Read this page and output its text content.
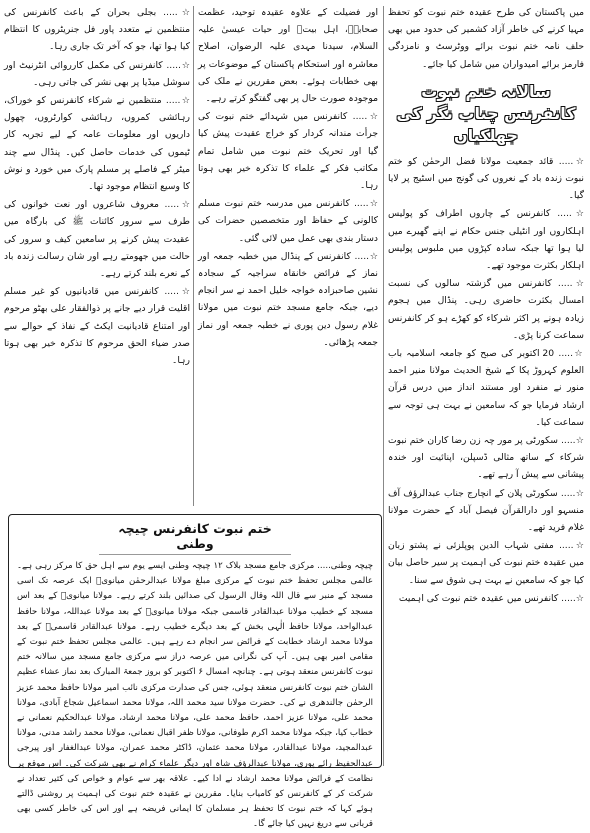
میں پاکستان کی طرح عقیدہ ختم نبوت کو تحفظ مہیا کرنے کی خاطر آزاد کشمیر کی حدود میں بھی حلف نامہ ختم نبوت برائے ووٹرسٹ و نامزدگی فارمز برائے امیدواران میں شامل کیا جائے۔

سالانہ ختم نبوت
کانفرنس چناب نگر کی
جھلکیاں

☆..... قائد جمعیت مولانا فضل الرحمٰن کو ختم نبوت زندہ باد کے نعروں کی گونج میں اسٹیج پر لایا گیا۔

☆..... کانفرنس کے چاروں اطراف کو پولیس اہلکاروں اور انٹیلی جنس حکام نے اپنے گھیرے میں لیا ہوا تھا جبکہ سادہ کپڑوں میں ملبوس پولیس اہلکار بکثرت موجود تھے۔

☆..... کانفرنس میں گزشتہ سالوں کی نسبت امسال بکثرت حاضری رہی۔ پنڈال میں ہجوم زیادہ ہونے پر اکثر شرکاء کو کھڑے ہو کر کانفرنس سماعت کرنا پڑی۔

☆..... 20 اکتوبر کی صبح کو جامعہ اسلامیہ باب العلوم کہروڑ پکا کے شیخ الحدیث مولانا منیر احمد منور نے منفرد اور مستند انداز میں درس قرآن ارشاد فرمایا جو کہ سامعین نے بہت ہی توجہ سے سماعت کیا۔

☆..... سکورٹی پر مور چہ زن رضا کاران ختم نبوت شرکاء کے ساتھ مثالی ڈسپلن، اپنائیت اور خندہ پیشانی سے پیش آ رہے تھے۔

☆..... سکورٹی پلان کے انچارج جناب عبدالرؤف آف منسہو اور دارالقرآن فیصل آباد کے حضرت مولانا غلام فرید تھے۔

☆..... مفتی شہاب الدین پوپلزئی نے پشتو زبان میں عقیدہ ختم نبوت کی اہمیت پر سیر حاصل بیان کیا جو کہ سامعین نے بہت ہی شوق سے سنا۔

☆..... کانفرنس میں عقیدہ ختم نبوت کی اہمیت

اور فضیلت کے علاوہ عقیدہ توحید، عظمت صحابہؓ، اہل بیتؓ اور حیات عیسیٰ علیہ السلام، سیدنا مہدی علیہ الرضوان، اصلاح معاشرہ اور استحکام پاکستان کے موضوعات پر بھی خطابات ہوئے۔ بعض مقررین نے ملک کی موجودہ صورت حال پر بھی گفتگو کرتے رہے۔

☆..... کانفرنس میں شہدائے ختم نبوت کی جرأت مندانہ کردار کو خراج عقیدت پیش کیا گیا اور تحریک ختم نبوت میں شامل تمام مکاتب فکر کے علماء کا تذکرہ خیر بھی ہوتا رہا۔

☆..... کانفرنس میں مدرسہ ختم نبوت مسلم کالونی کے حفاظ اور متخصصین حضرات کی دستار بندی بھی عمل میں لائی گئی۔

☆..... کانفرنس کے پنڈال میں خطبہ جمعہ اور نماز کے فرائض خانقاہ سراجیہ کے سجادہ نشین صاحبزادہ خواجہ خلیل احمد نے سر انجام دیے، جبکہ جامع مسجد ختم نبوت میں مولانا غلام رسول دین پوری نے خطبہ جمعہ اور نماز جمعہ پڑھائی۔

☆..... بجلی بحران کے باعث کانفرنس کی منتظمین نے متعدد پاور فل جنریٹروں کا انتظام کیا ہوا تھا، جو کہ آخر تک جاری رہا۔

☆..... کانفرنس کی مکمل کارروائی انٹرنیٹ اور سوشل میڈیا پر بھی نشر کی جاتی رہی۔

☆..... منتظمین نے شرکاء کانفرنس کو خوراک، رہائشی کمروں، رہائشی کوارٹروں، چھول داریوں اور معلومات عامہ کے لیے تجربہ کار ٹیموں کی خدمات حاصل کیں۔ پنڈال سے چند میٹر کے فاصلے پر مسلم پارک میں خورد و نوش کا وسیع انتظام موجود تھا۔

☆..... معروف شاعروں اور نعت خوانوں کی طرف سے سرور کائنات ﷺ کی بارگاہ میں عقیدت پیش کرنے پر سامعین کیف و سرور کی حالت میں جھومتے رہے اور شان رسالت زندہ باد کے نعرے بلند کرتے رہے۔

☆..... کانفرنس میں قادیانیوں کو غیر مسلم اقلیت قرار دیے جانے پر ذوالفقار علی بھٹو مرحوم اور امتناع قادیانیت ایکٹ کے نفاذ کے حوالے سے صدر ضیاء الحق مرحوم کا تذکرہ خیر بھی ہوتا رہا۔

ختم نبوت کانفرنس چیچہ وطنی
چیچہ وطنی..... مرکزی جامع مسجد بلاک ۱۲ چیچہ وطنی ایسے یوم سے اہل حق کا مرکز رہی ہے۔ عالمی مجلس تحفظ ختم نبوت کے مرکزی مبلغ مولانا عبدالرحمٰن میانویؒ ایک عرصہ تک اسی مسجد کے منبر سے قال اللہ وقال الرسول کی صدائیں بلند کرتے رہے۔ مولانا میانویؒ کے بعد اس مسجد کے خطیب مولانا عبدالقادر قاسمی جبکہ مولانا میانویؒ کے بعد مولانا عبداللہ، مولانا حافظ عبدالواحد، مولانا حافظ الٰہی بخش کے بعد دیگرے خطیب رہے۔ مولانا عبدالقادر قاسمیؒ کے بعد مولانا محمد ارشاد خطابت کے فرائض سر انجام دے رہے ہیں۔ عالمی مجلس تحفظ ختم نبوت کے مقامی امیر بھی ہیں۔ آپ کی نگرانی میں عرصہ دراز سے مرکزی جامع مسجد میں سالانہ ختم نبوت کانفرنس منعقد ہوتی ہے۔ چنانچہ امسال ۶ اکتوبر کو بروز جمعۃ المبارک بعد نماز عشاء عظیم الشان ختم نبوت کانفرنس منعقد ہوئی، جس کی صدارت مرکزی نائب امیر مولانا حافظ محمد عزیز الرحمٰن جالندھری نے کی۔ حضرت مولانا سید محمد اللہ، مولانا محمد اسماعیل شجاع آبادی، مولانا محمد علی، مولانا عزیز احمد، حافظ محمد علی، مولانا محمد ارشاد، مولانا عبدالحکیم نعمانی نے خطاب کیا، جبکہ مولانا محمد اکرم طوفانی، مولانا ظفر اقبال نعمانی، مولانا محمد راشد مدنی، مولانا عبدالمجید، مولانا عبدالقادر، مولانا محمد عثمان، ڈاکٹر محمد عمران، مولانا عبدالغفار اور پیرجی عبدالحفیظ رائے پوری، مولانا عبدالرؤف شاہ اور دیگر علماء کرام نے بھی شرکت کی۔ اس موقع پر نظامت کے فرائض مولانا محمد ارشاد نے ادا کیے۔ علاقہ بھر سے عوام و خواص کی کثیر تعداد نے شرکت کر کے کانفرنس کو کامیاب بنایا۔ مقررین نے عقیدہ ختم نبوت کی اہمیت پر روشنی ڈالتے ہوئے کہا کہ ختم نبوت کا تحفظ ہر مسلمان کا ایمانی فریضہ ہے اور اس کی خاطر کسی بھی قربانی سے دریغ نہیں کیا جائے گا۔
